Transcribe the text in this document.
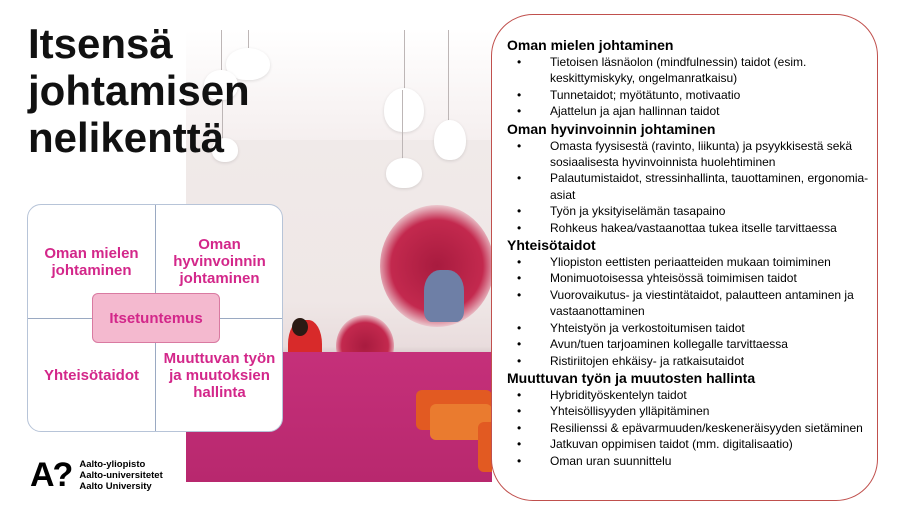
Itsensä
johtamisen
nelikenttä
Oman mielen johtaminen
Oman hyvinvoinnin johtaminen
Yhteisötaidot
Muuttuvan työn ja muutoksien hallinta
Itsetuntemus
A? Aalto-yliopisto
Aalto-universitetet
Aalto University

Oman mielen johtaminen

• Tietoisen läsnäolon (mindfulnessin) taidot (esim. keskittymiskyky, ongelmanratkaisu)
• Tunnetaidot; myötätunto, motivaatio
• Ajattelun ja ajan hallinnan taidot

Oman hyvinvoinnin johtaminen

• Omasta fyysisestä (ravinto, liikunta) ja psyykkisestä sekä sosiaalisesta hyvinvoinnista huolehtiminen
• Palautumistaidot, stressinhallinta, tauottaminen, ergonomia-asiat
• Työn ja yksityiselämän tasapaino
• Rohkeus hakea/vastaanottaa tukea itselle tarvittaessa

Yhteisötaidot

• Yliopiston eettisten periaatteiden mukaan toimiminen
• Monimuotoisessa yhteisössä toimimisen taidot
• Vuorovaikutus- ja viestintätaidot, palautteen antaminen ja vastaanottaminen
• Yhteistyön ja verkostoitumisen taidot
• Avun/tuen tarjoaminen kollegalle tarvittaessa
• Ristiriitojen ehkäisy- ja ratkaisutaidot

Muuttuvan työn ja muutosten hallinta

• Hybridityöskentelyn taidot
• Yhteisöllisyyden ylläpitäminen
• Resilienssi & epävarmuuden/keskeneräisyyden sietäminen
• Jatkuvan oppimisen taidot (mm. digitalisaatio)
• Oman uran suunnittelu
